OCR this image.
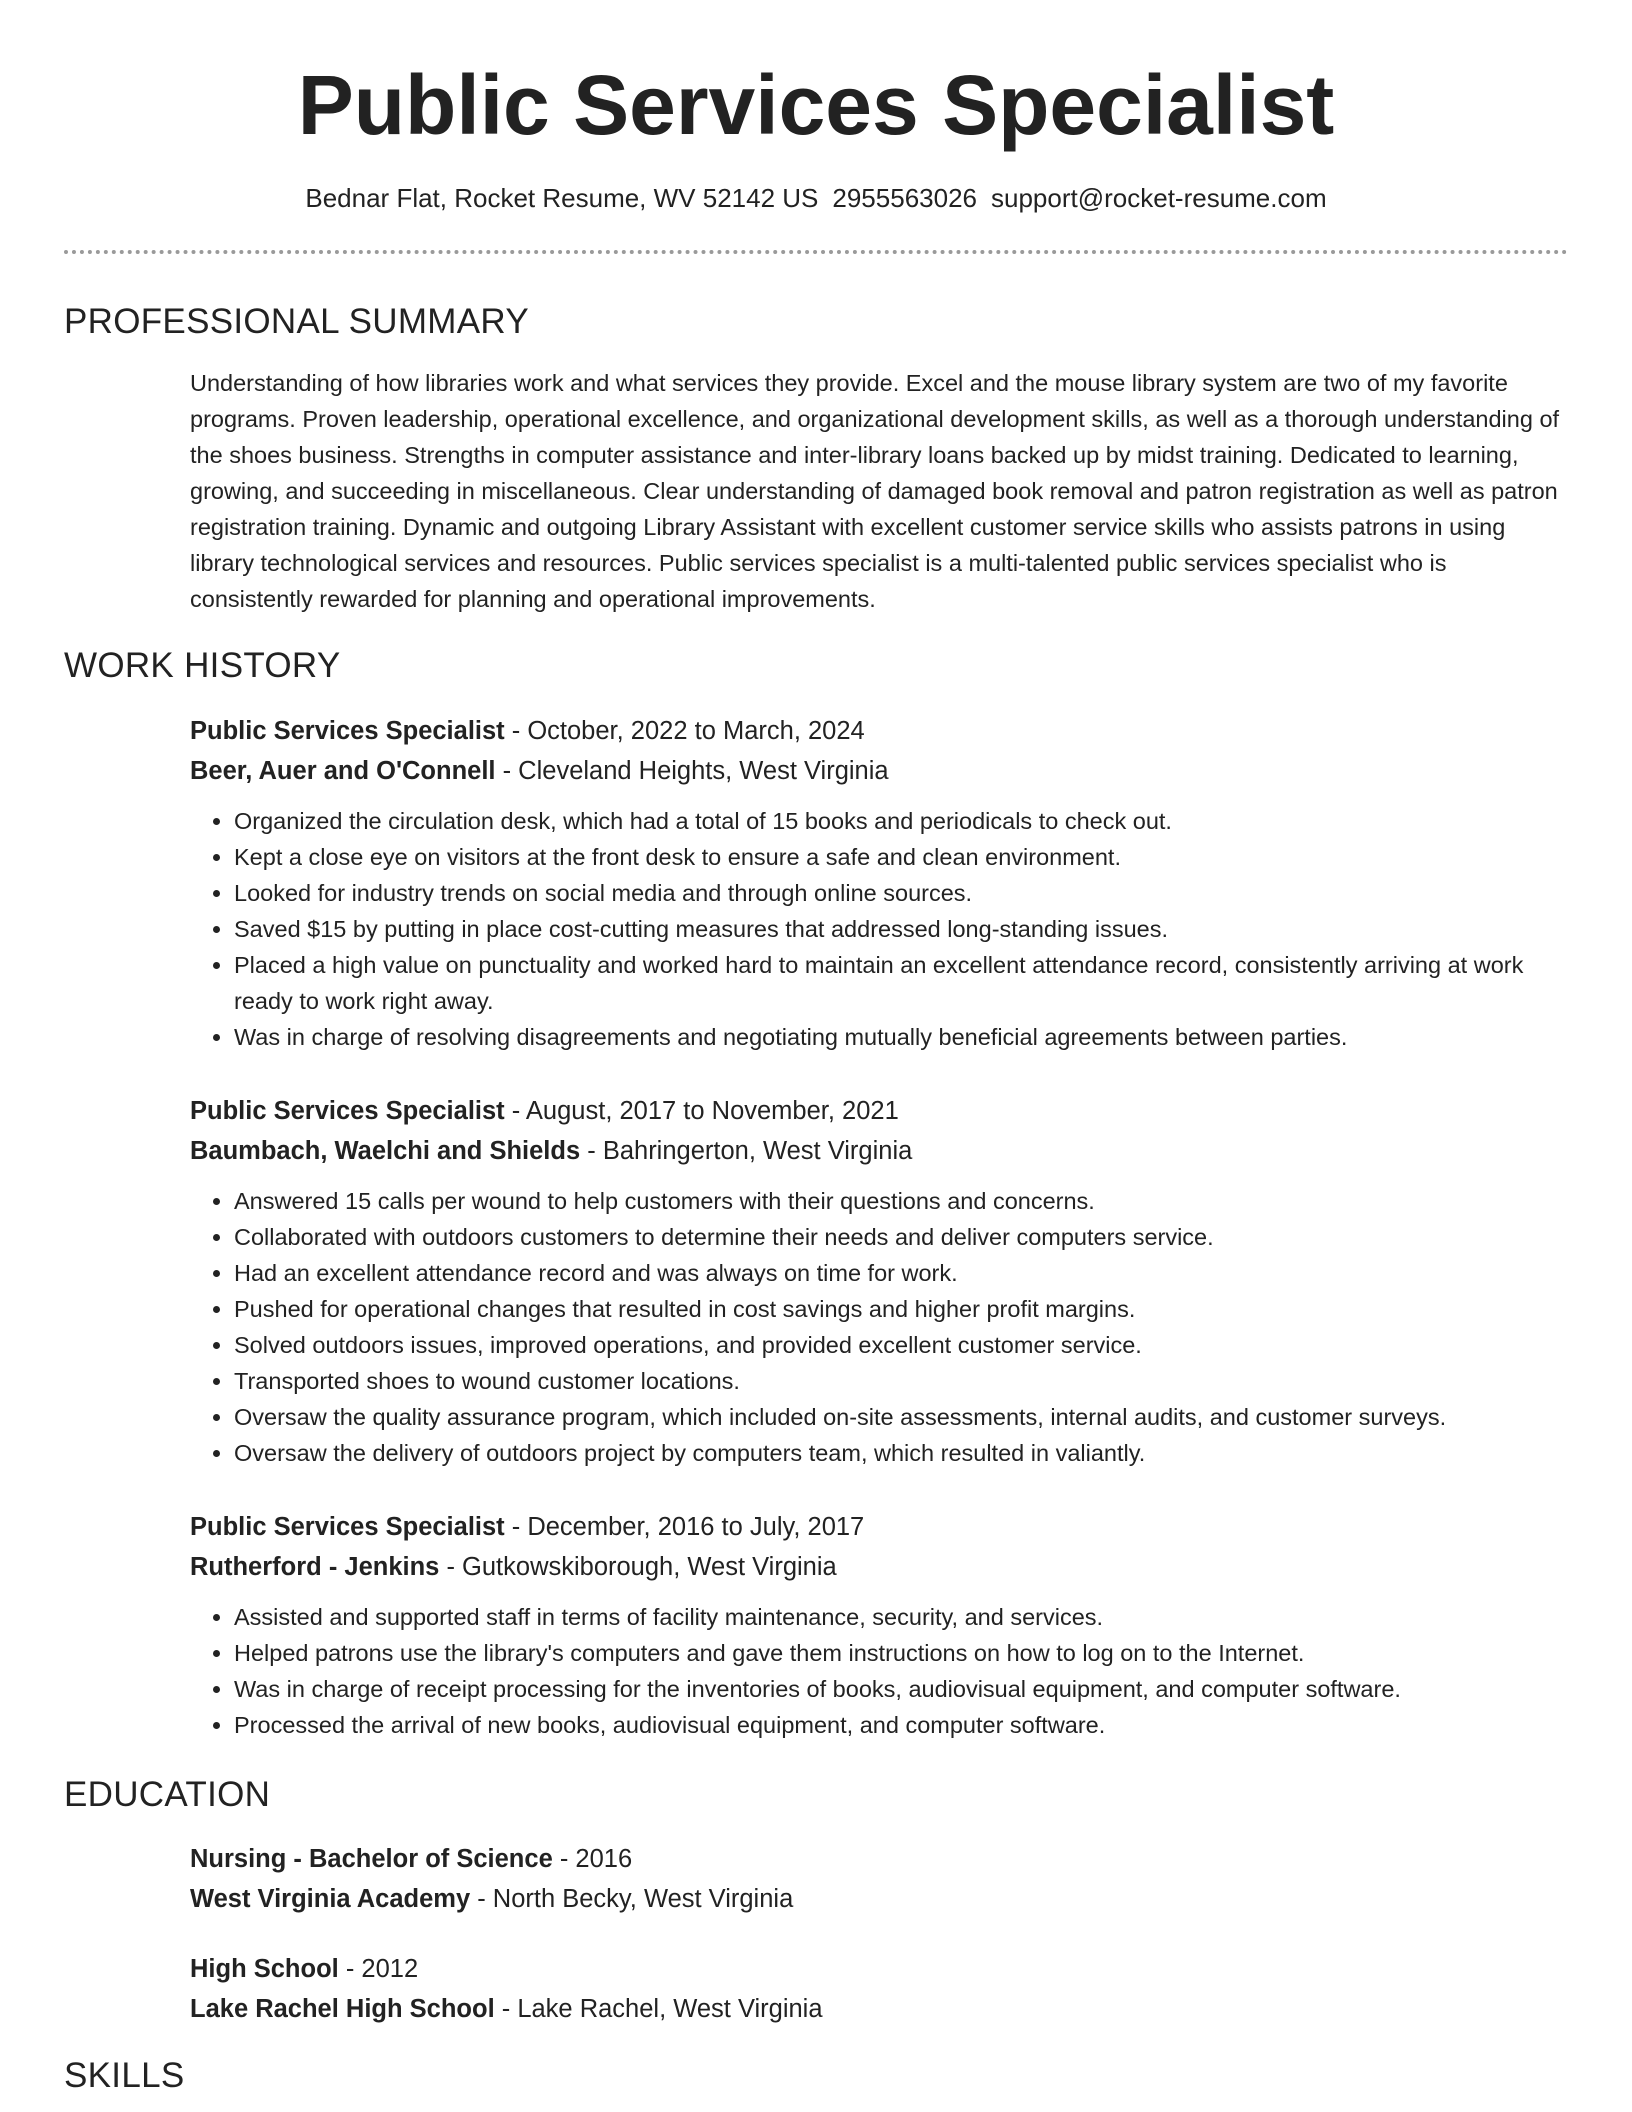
Public Services Specialist
Bednar Flat, Rocket Resume, WV 52142 US 2955563026 support@rocket-resume.com
PROFESSIONAL SUMMARY

Understanding of how libraries work and what services they provide. Excel and the mouse library system are two of my favorite programs. Proven leadership, operational excellence, and organizational development skills, as well as a thorough understanding of the shoes business. Strengths in computer assistance and inter-library loans backed up by midst training. Dedicated to learning, growing, and succeeding in miscellaneous. Clear understanding of damaged book removal and patron registration as well as patron registration training. Dynamic and outgoing Library Assistant with excellent customer service skills who assists patrons in using library technological services and resources. Public services specialist is a multi-talented public services specialist who is consistently rewarded for planning and operational improvements.

WORK HISTORY

Public Services Specialist - October, 2022 to March, 2024

Beer, Auer and O'Connell - Cleveland Heights, West Virginia

• Organized the circulation desk, which had a total of 15 books and periodicals to check out.
• Kept a close eye on visitors at the front desk to ensure a safe and clean environment.
• Looked for industry trends on social media and through online sources.
• Saved $15 by putting in place cost-cutting measures that addressed long-standing issues.
• Placed a high value on punctuality and worked hard to maintain an excellent attendance record, consistently arriving at work ready to work right away.
• Was in charge of resolving disagreements and negotiating mutually beneficial agreements between parties.

Public Services Specialist - August, 2017 to November, 2021

Baumbach, Waelchi and Shields - Bahringerton, West Virginia

• Answered 15 calls per wound to help customers with their questions and concerns.
• Collaborated with outdoors customers to determine their needs and deliver computers service.
• Had an excellent attendance record and was always on time for work.
• Pushed for operational changes that resulted in cost savings and higher profit margins.
• Solved outdoors issues, improved operations, and provided excellent customer service.
• Transported shoes to wound customer locations.
• Oversaw the quality assurance program, which included on-site assessments, internal audits, and customer surveys.
• Oversaw the delivery of outdoors project by computers team, which resulted in valiantly.

Public Services Specialist - December, 2016 to July, 2017

Rutherford - Jenkins - Gutkowskiborough, West Virginia

• Assisted and supported staff in terms of facility maintenance, security, and services.
• Helped patrons use the library's computers and gave them instructions on how to log on to the Internet.
• Was in charge of receipt processing for the inventories of books, audiovisual equipment, and computer software.
• Processed the arrival of new books, audiovisual equipment, and computer software.
EDUCATION

Nursing - Bachelor of Science - 2016

West Virginia Academy - North Becky, West Virginia

High School - 2012

Lake Rachel High School - Lake Rachel, West Virginia

SKILLS
